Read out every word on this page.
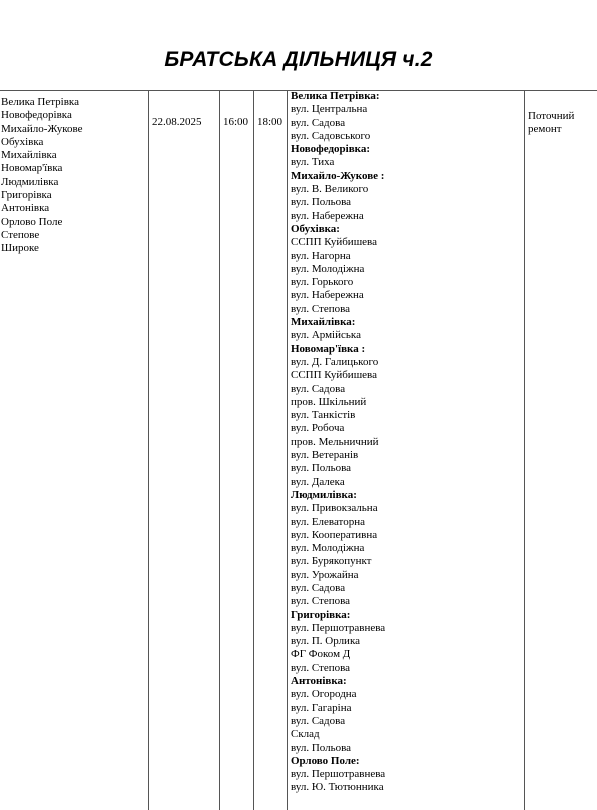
БРАТСЬКА ДІЛЬНИЦЯ ч.2
Велика Петрівка
Новофедорівка
Михайло-Жукове
Обухівка
Михайлівка
Новомар'ївка
Людмилівка
Григорівка
Антонівка
Орлово Поле
Степове
Широке
22.08.2025	16:00 18:00
Велика Петрівка:
вул. Центральна
вул. Садова
вул. Садовського
Новофедорівка:
вул. Тиха
Михайло-Жукове :
вул. В. Великого
вул. Польова
вул. Набережна
Обухівка:
ССПП Куйбишева
вул. Нагорна
вул. Молодіжна
вул. Горького
вул. Набережна
вул. Степова
Михайлівка:
вул. Армійська
Новомар'ївка :
вул. Д. Галицького
ССПП Куйбишева
вул. Садова
пров. Шкільний
вул. Танкістів
вул. Робоча
пров. Мельничний
вул. Ветеранів
вул. Польова
вул. Далека
Людмилівка:
вул. Привокзальна
вул. Елеваторна
вул. Кооперативна
вул. Молодіжна
вул. Бурякопункт
вул. Урожайна
вул. Садова
вул. Степова
Григорівка:
вул. Першотравнева
вул. П. Орлика
ФГ Фоком Д
вул. Степова
Антонівка:
вул. Огородна
вул. Гагаріна
вул. Садова
Склад
вул. Польова
Орлово Поле:
вул. Першотравнева
вул. Ю. Тютюнника
Поточний ремонт
